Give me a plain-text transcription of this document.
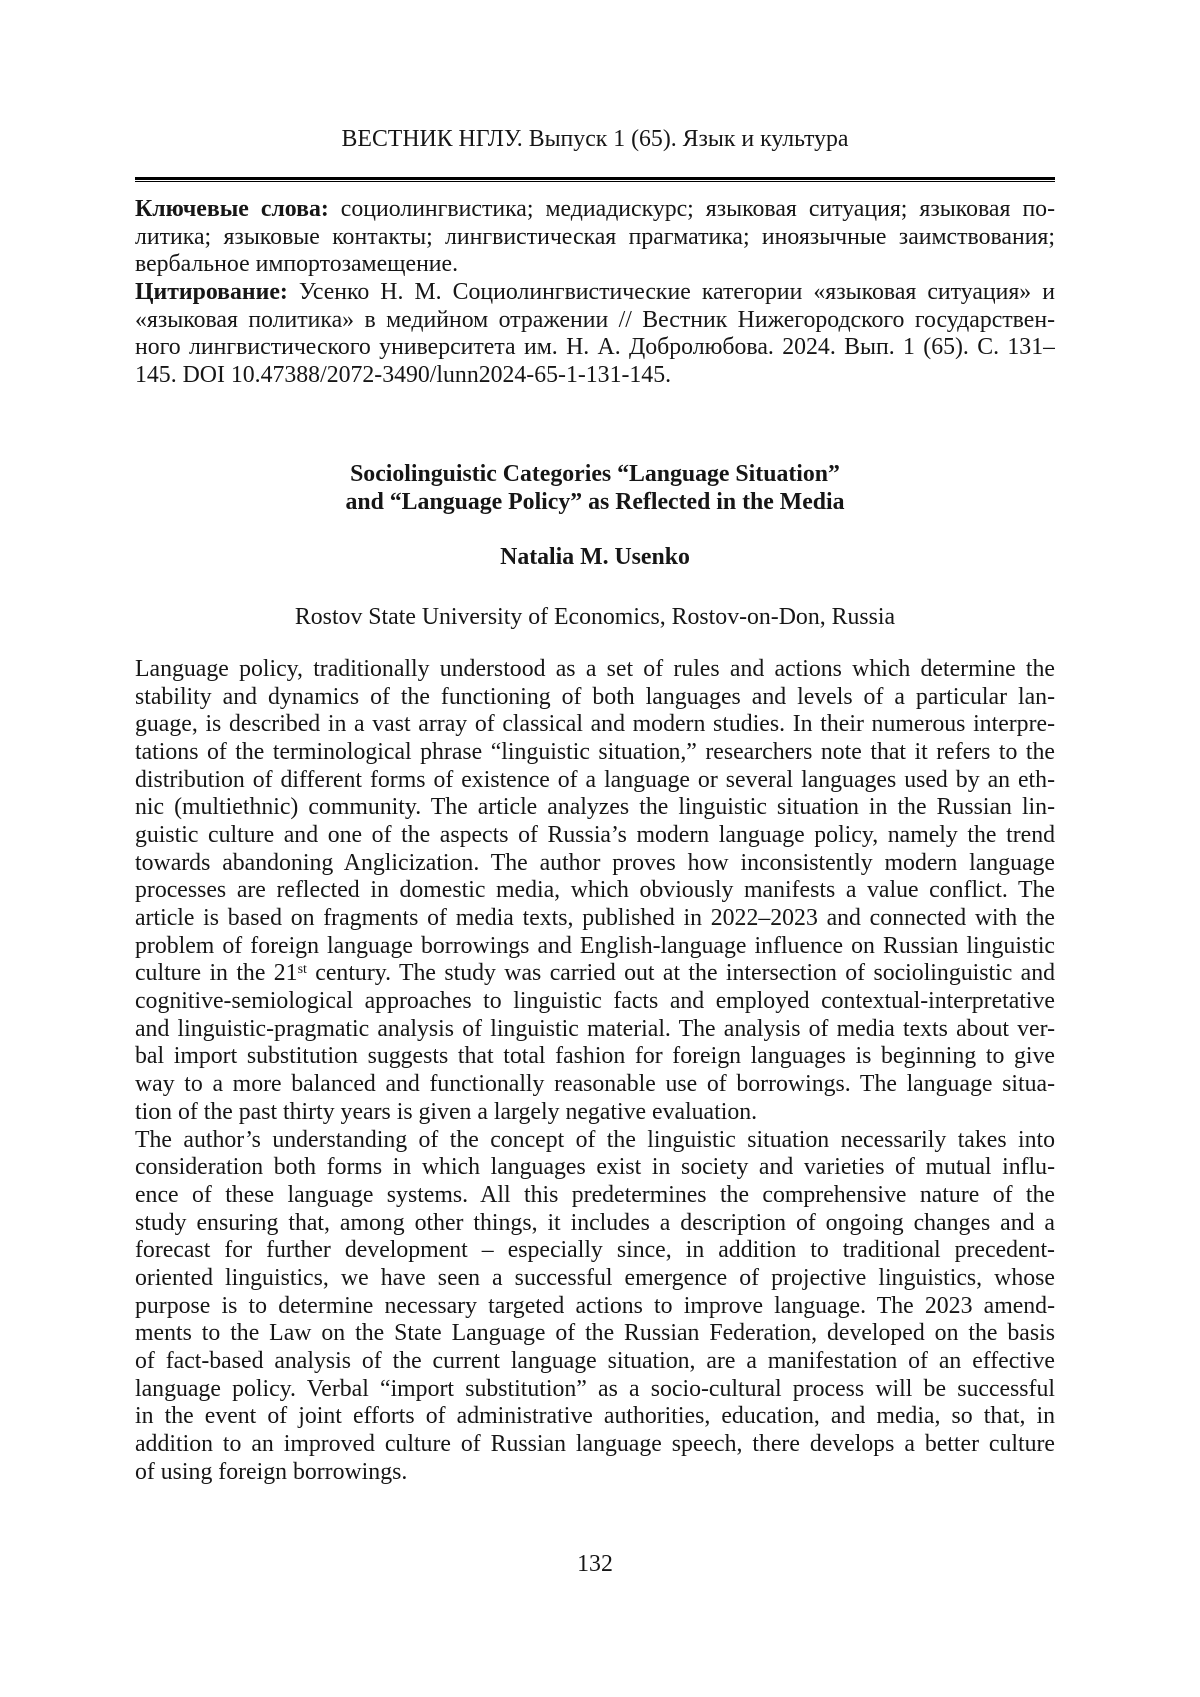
ВЕСТНИК НГЛУ. Выпуск 1 (65). Язык и культура
Ключевые слова: социолингвистика; медиадискурс; языковая ситуация; языковая по-
литика; языковые контакты; лингвистическая прагматика; иноязычные заимствования;
вербальное импортозамещение.
Цитирование: Усенко Н. М. Социолингвистические категории «языковая ситуация» и
«языковая политика» в медийном отражении // Вестник Нижегородского государствен-
ного лингвистического университета им. Н. А. Добролюбова. 2024. Вып. 1 (65). С. 131–
145. DOI 10.47388/2072-3490/lunn2024-65-1-131-145.
Sociolinguistic Categories “Language Situation”
and “Language Policy” as Reflected in the Media
Natalia M. Usenko
Rostov State University of Economics, Rostov-on-Don, Russia
Language policy, traditionally understood as a set of rules and actions which determine the
stability and dynamics of the functioning of both languages and levels of a particular lan-
guage, is described in a vast array of classical and modern studies. In their numerous interpre-
tations of the terminological phrase “linguistic situation,” researchers note that it refers to the
distribution of different forms of existence of a language or several languages used by an eth-
nic (multiethnic) community. The article analyzes the linguistic situation in the Russian lin-
guistic culture and one of the aspects of Russia’s modern language policy, namely the trend
towards abandoning Anglicization. The author proves how inconsistently modern language
processes are reflected in domestic media, which obviously manifests a value conflict. The
article is based on fragments of media texts, published in 2022–2023 and connected with the
problem of foreign language borrowings and English-language influence on Russian linguistic
culture in the 21st century. The study was carried out at the intersection of sociolinguistic and
cognitive-semiological approaches to linguistic facts and employed contextual-interpretative
and linguistic-pragmatic analysis of linguistic material. The analysis of media texts about ver-
bal import substitution suggests that total fashion for foreign languages is beginning to give
way to a more balanced and functionally reasonable use of borrowings. The language situa-
tion of the past thirty years is given a largely negative evaluation.
The author’s understanding of the concept of the linguistic situation necessarily takes into
consideration both forms in which languages exist in society and varieties of mutual influ-
ence of these language systems. All this predetermines the comprehensive nature of the
study ensuring that, among other things, it includes a description of ongoing changes and a
forecast for further development – especially since, in addition to traditional precedent-
oriented linguistics, we have seen a successful emergence of projective linguistics, whose
purpose is to determine necessary targeted actions to improve language. The 2023 amend-
ments to the Law on the State Language of the Russian Federation, developed on the basis
of fact-based analysis of the current language situation, are a manifestation of an effective
language policy. Verbal “import substitution” as a socio-cultural process will be successful
in the event of joint efforts of administrative authorities, education, and media, so that, in
addition to an improved culture of Russian language speech, there develops a better culture
of using foreign borrowings.
132
